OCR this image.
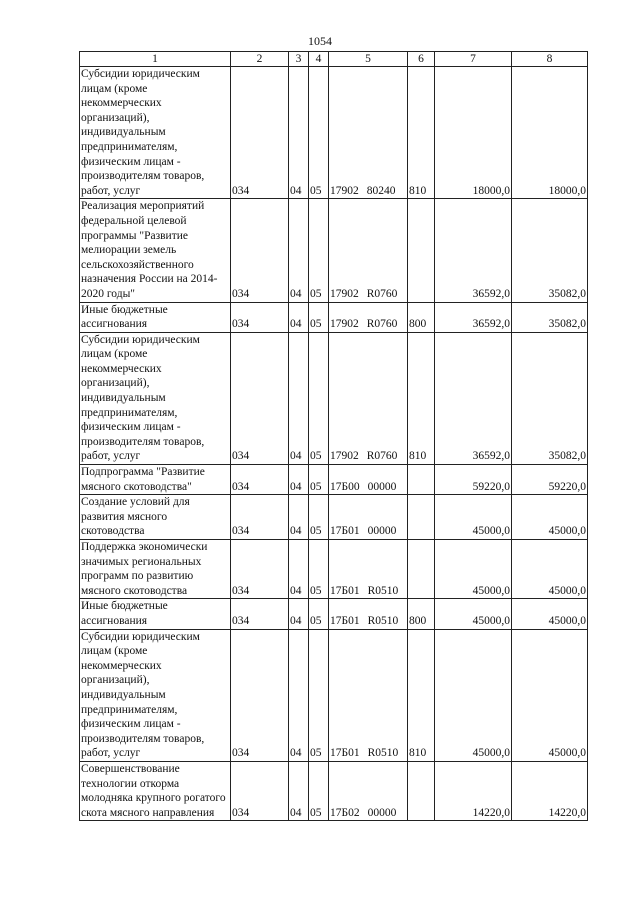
1054
1	2	3	4	5	6	7	8
Субсидии юридическим лицам (кроме некоммерческих организаций), индивидуальным предпринимателям, физическим лицам - производителям товаров, работ, услуг	034	04	05	17902 80240	810	18000,0	18000,0
Реализация мероприятий федеральной целевой программы "Развитие мелиорации земель сельскохозяйственного назначения России на 2014-2020 годы"	034	04	05	17902 R0760		36592,0	35082,0
Иные бюджетные ассигнования	034	04	05	17902 R0760	800	36592,0	35082,0
Субсидии юридическим лицам (кроме некоммерческих организаций), индивидуальным предпринимателям, физическим лицам - производителям товаров, работ, услуг	034	04	05	17902 R0760	810	36592,0	35082,0
Подпрограмма "Развитие мясного скотоводства"	034	04	05	17Б00 00000		59220,0	59220,0
Создание условий для развития мясного скотоводства	034	04	05	17Б01 00000		45000,0	45000,0
Поддержка экономически значимых региональных программ по развитию мясного скотоводства	034	04	05	17Б01 R0510		45000,0	45000,0
Иные бюджетные ассигнования	034	04	05	17Б01 R0510	800	45000,0	45000,0
Субсидии юридическим лицам (кроме некоммерческих организаций), индивидуальным предпринимателям, физическим лицам - производителям товаров, работ, услуг	034	04	05	17Б01 R0510	810	45000,0	45000,0
Совершенствование технологии откорма молодняка крупного рогатого скота мясного направления	034	04	05	17Б02 00000		14220,0	14220,0
